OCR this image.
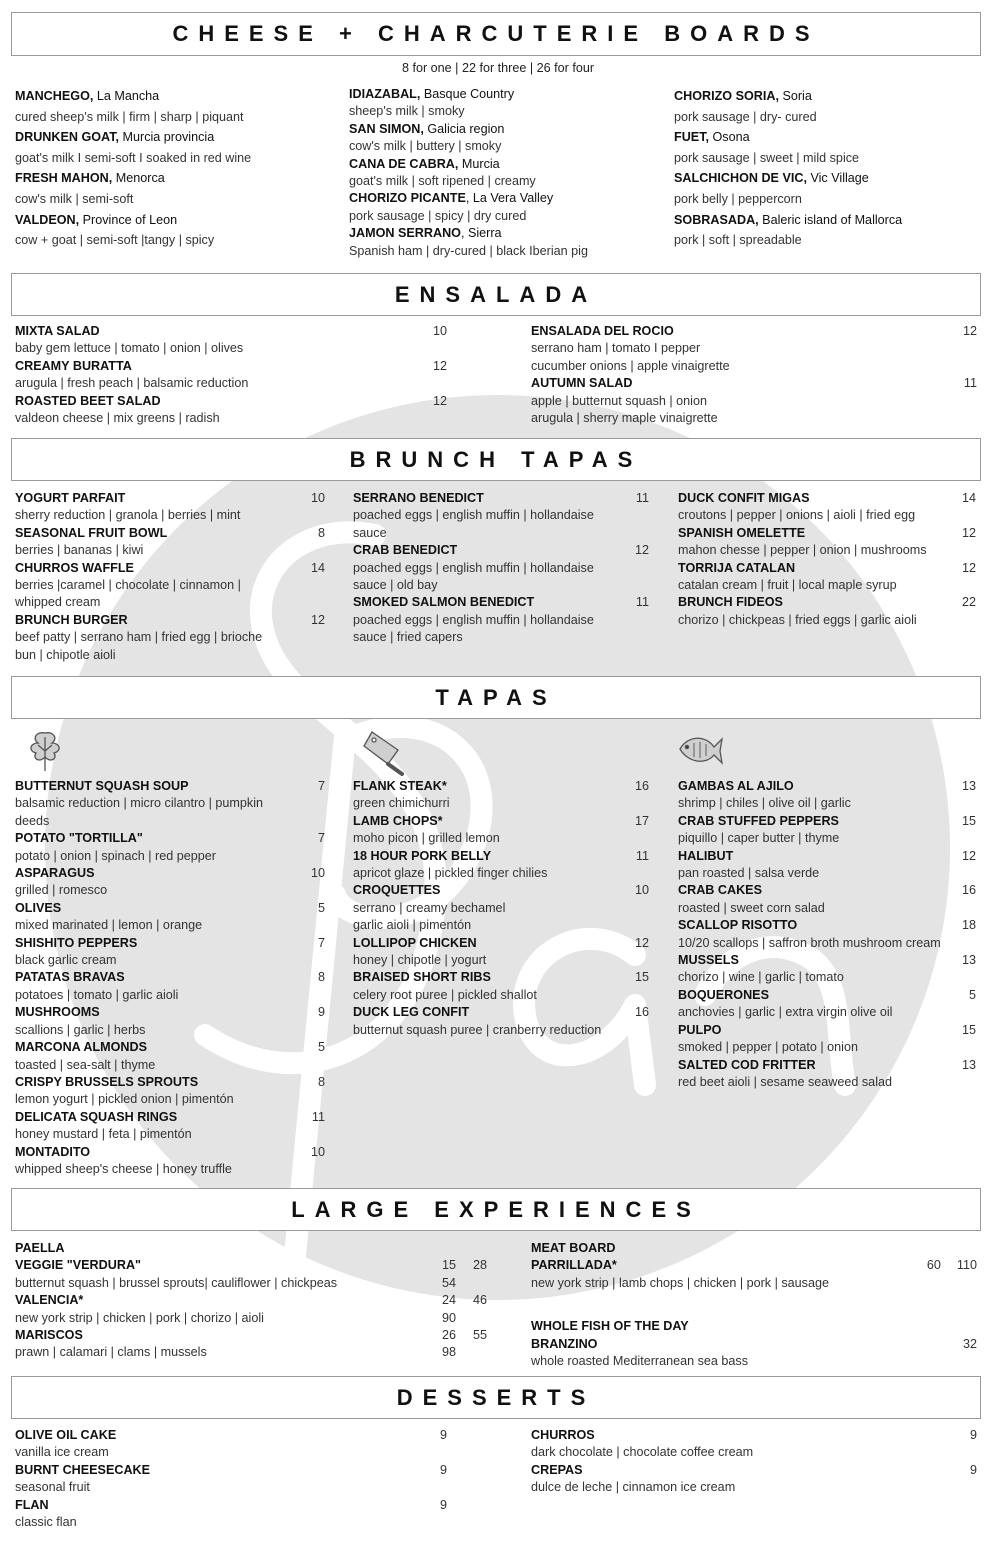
CHEESE + CHARCUTERIE BOARDS
8 for one | 22 for three | 26 for four
MANCHEGO, La Mancha
cured sheep's milk | firm | sharp | piquant
DRUNKEN GOAT, Murcia provincia
goat's milk I semi-soft I soaked in red wine
FRESH MAHON, Menorca
cow's milk | semi-soft
VALDEON, Province of Leon
cow + goat | semi-soft |tangy | spicy
IDIAZABAL, Basque Country
sheep's milk | smoky
SAN SIMON, Galicia region
cow's milk | buttery | smoky
CANA DE CABRA, Murcia
goat's milk | soft ripened | creamy
CHORIZO PICANTE, La Vera Valley
pork sausage | spicy | dry cured
JAMON SERRANO, Sierra
Spanish ham | dry-cured | black Iberian pig
CHORIZO SORIA, Soria
pork sausage | dry- cured
FUET, Osona
pork sausage | sweet | mild spice
SALCHICHON DE VIC, Vic Village
pork belly | peppercorn
SOBRASADA, Baleric island of Mallorca
pork | soft | spreadable
ENSALADA
MIXTA SALAD
baby gem lettuce | tomato | onion | olives
10
CREAMY BURATTA
arugula | fresh peach | balsamic reduction
12
ROASTED BEET SALAD
valdeon cheese | mix greens | radish
12
ENSALADA DEL ROCIO
serrano ham | tomato I pepper
cucumber onions | apple vinaigrette
12
AUTUMN SALAD
apple | butternut squash | onion
arugula | sherry maple vinaigrette
11
BRUNCH TAPAS
YOGURT PARFAIT
sherry reduction | granola | berries | mint
10
SEASONAL FRUIT BOWL
berries | bananas | kiwi
8
CHURROS WAFFLE
berries |caramel | chocolate | cinnamon |
whipped cream
14
BRUNCH BURGER
beef patty | serrano ham | fried egg | brioche
bun | chipotle aioli
12
SERRANO BENEDICT
poached eggs | english muffin | hollandaise
sauce
11
CRAB BENEDICT
poached eggs | english muffin | hollandaise
sauce | old bay
12
SMOKED SALMON BENEDICT
poached eggs | english muffin | hollandaise
sauce | fried capers
11
DUCK CONFIT MIGAS
croutons | pepper | onions | aioli | fried egg
14
SPANISH OMELETTE
mahon chesse | pepper | onion | mushrooms
12
TORRIJA CATALAN
catalan cream | fruit | local maple syrup
12
BRUNCH FIDEOS
chorizo | chickpeas | fried eggs | garlic aioli
22
TAPAS
BUTTERNUT SQUASH SOUP
balsamic reduction | micro cilantro | pumpkin
deeds
7
POTATO "TORTILLA"
potato | onion | spinach | red pepper
7
ASPARAGUS
grilled | romesco
10
OLIVES
mixed marinated | lemon | orange
5
SHISHITO PEPPERS
black garlic cream
7
PATATAS BRAVAS
potatoes | tomato | garlic aioli
8
MUSHROOMS
scallions | garlic | herbs
9
MARCONA ALMONDS
toasted | sea-salt | thyme
5
CRISPY BRUSSELS SPROUTS
lemon yogurt | pickled onion | pimentón
8
DELICATA SQUASH RINGS
honey mustard | feta | pimentón
11
MONTADITO
whipped sheep's cheese | honey truffle
10
FLANK STEAK*
green chimichurri
16
LAMB CHOPS*
moho picon | grilled lemon
17
18 HOUR PORK BELLY
apricot glaze | pickled finger chilies
11
CROQUETTES
serrano | creamy bechamel
garlic aioli | pimentón
10
LOLLIPOP CHICKEN
honey | chipotle | yogurt
12
BRAISED SHORT RIBS
celery root puree | pickled shallot
15
DUCK LEG CONFIT
butternut squash puree | cranberry reduction
16
GAMBAS AL AJILO
shrimp | chiles | olive oil | garlic
13
CRAB STUFFED PEPPERS
piquillo | caper butter | thyme
15
HALIBUT
pan roasted | salsa verde
12
CRAB CAKES
roasted | sweet corn salad
16
SCALLOP RISOTTO
10/20 scallops | saffron broth mushroom cream
18
MUSSELS
chorizo | wine | garlic | tomato
13
BOQUERONES
anchovies | garlic | extra virgin olive oil
5
PULPO
smoked | pepper | potato | onion
15
SALTED COD FRITTER
red beet aioli | sesame seaweed salad
13
LARGE EXPERIENCES
PAELLA
VEGGIE "VERDURA"
butternut squash | brussel sprouts| cauliflower | chickpeas
15 2854
VALENCIA*
new york strip | chicken | pork | chorizo | aioli
24 4690
MARISCOS
prawn | calamari | clams | mussels
26 5598
MEAT BOARD
PARRILLADA*
new york strip | lamb chops | chicken | pork | sausage
60 110
WHOLE FISH OF THE DAY
BRANZINO
whole roasted Mediterranean sea bass
32
DESSERTS
OLIVE OIL CAKE
vanilla ice cream
9
BURNT CHEESECAKE
seasonal fruit
9
FLAN
classic flan
9
CHURROS
dark chocolate | chocolate coffee cream
9
CREPAS
dulce de leche | cinnamon ice cream
9
